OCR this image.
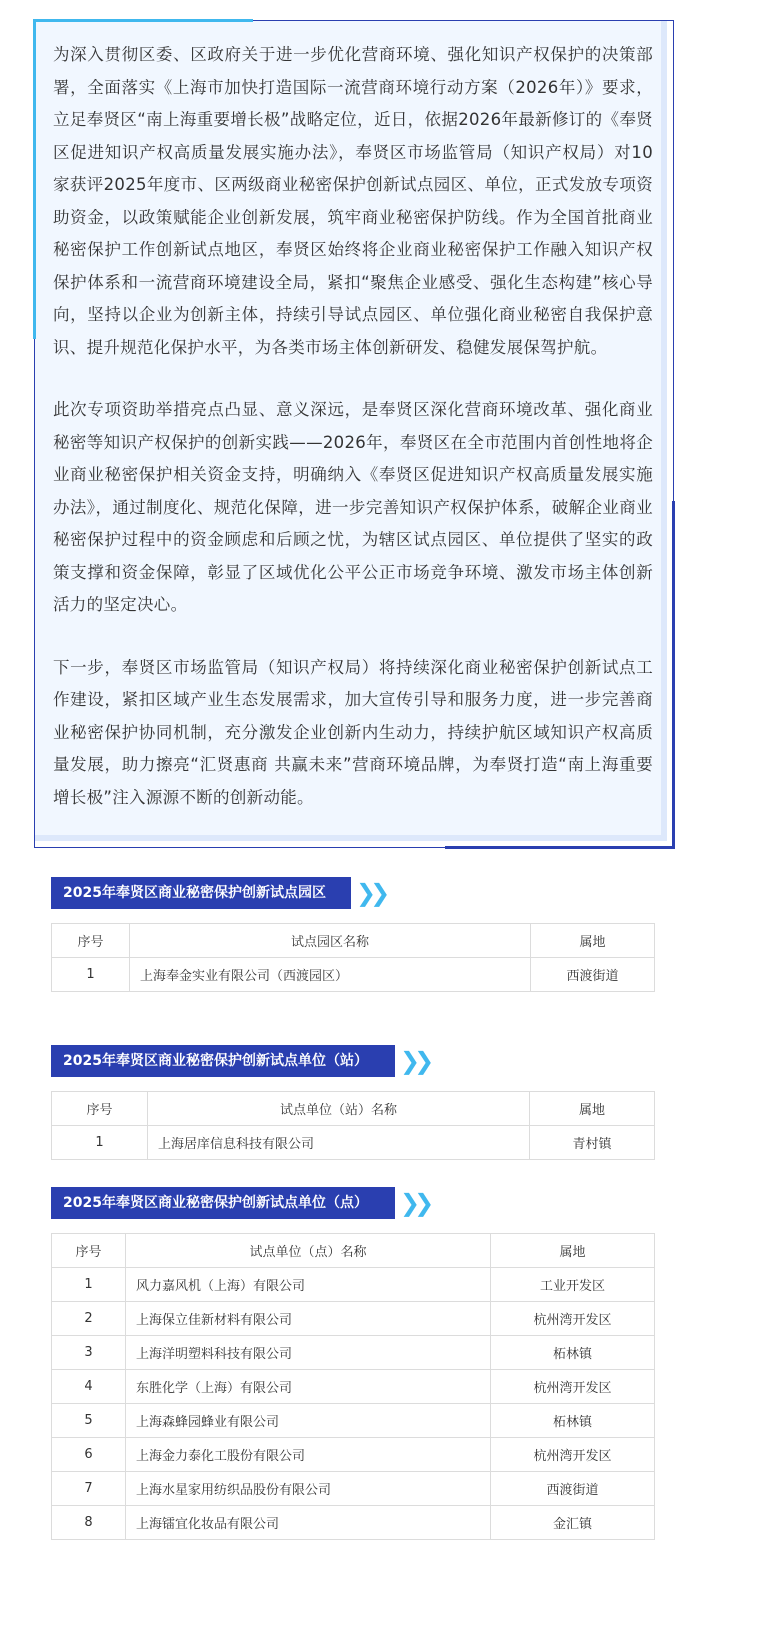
为深入贯彻区委、区政府关于进一步优化营商环境、强化知识产权保护的决策部署，全面落实《上海市加快打造国际一流营商环境行动方案（2026年）》要求，立足奉贤区“南上海重要增长极”战略定位，近日，依据2026年最新修订的《奉贤区促进知识产权高质量发展实施办法》，奉贤区市场监管局（知识产权局）对10家获评2025年度市、区两级商业秘密保护创新试点园区、单位，正式发放专项资助资金，以政策赋能企业创新发展，筑牢商业秘密保护防线。作为全国首批商业秘密保护工作创新试点地区，奉贤区始终将企业商业秘密保护工作融入知识产权保护体系和一流营商环境建设全局，紧扣“聚焦企业感受、强化生态构建”核心导向，坚持以企业为创新主体，持续引导试点园区、单位强化商业秘密自我保护意识、提升规范化保护水平，为各类市场主体创新研发、稳健发展保驾护航。

此次专项资助举措亮点凸显、意义深远，是奉贤区深化营商环境改革、强化商业秘密等知识产权保护的创新实践——2026年，奉贤区在全市范围内首创性地将企业商业秘密保护相关资金支持，明确纳入《奉贤区促进知识产权高质量发展实施办法》，通过制度化、规范化保障，进一步完善知识产权保护体系，破解企业商业秘密保护过程中的资金顾虑和后顾之忧，为辖区试点园区、单位提供了坚实的政策支撑和资金保障，彰显了区域优化公平公正市场竞争环境、激发市场主体创新活力的坚定决心。

下一步，奉贤区市场监管局（知识产权局）将持续深化商业秘密保护创新试点工作建设，紧扣区域产业生态发展需求，加大宣传引导和服务力度，进一步完善商业秘密保护协同机制，充分激发企业创新内生动力，持续护航区域知识产权高质量发展，助力擦亮“汇贤惠商 共赢未来”营商环境品牌，为奉贤打造“南上海重要增长极”注入源源不断的创新动能。

2025年奉贤区商业秘密保护创新试点园区	❯❯
序号	试点园区名称	属地
1	上海奉金实业有限公司（西渡园区）	西渡街道
2025年奉贤区商业秘密保护创新试点单位（站）	❯❯
序号	试点单位（站）名称	属地
1	上海居庠信息科技有限公司	青村镇
2025年奉贤区商业秘密保护创新试点单位（点）	❯❯
序号	试点单位（点）名称	属地
1	风力嘉风机（上海）有限公司	工业开发区
2	上海保立佳新材料有限公司	杭州湾开发区
3	上海洋明塑料科技有限公司	柘林镇
4	东胜化学（上海）有限公司	杭州湾开发区
5	上海森蜂园蜂业有限公司	柘林镇
6	上海金力泰化工股份有限公司	杭州湾开发区
7	上海水星家用纺织品股份有限公司	西渡街道
8	上海镭宜化妆品有限公司	金汇镇
